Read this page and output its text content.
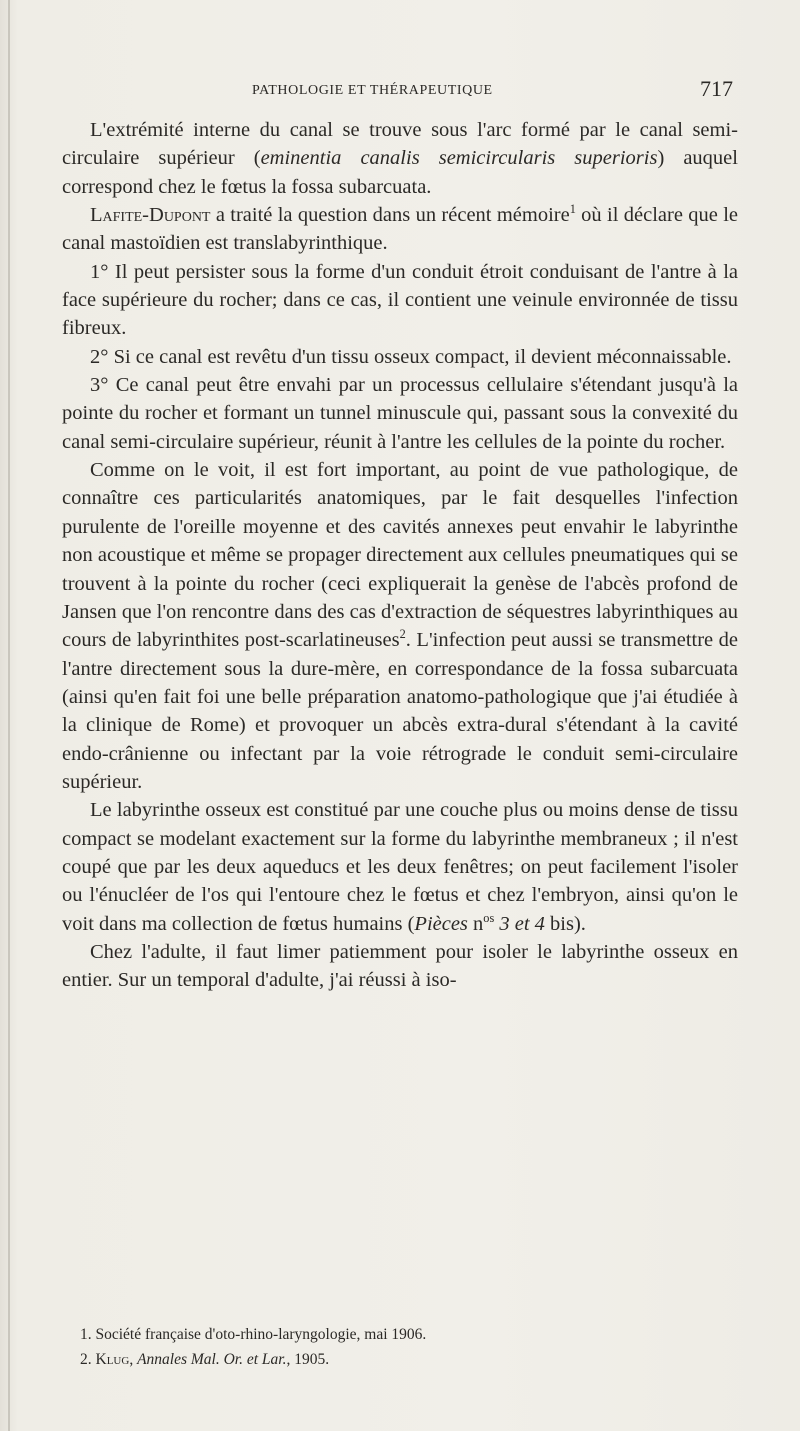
PATHOLOGIE ET THÉRAPEUTIQUE	717

L'extrémité interne du canal se trouve sous l'arc formé par le canal semi-circulaire supérieur (eminentia canalis semicircularis superioris) auquel correspond chez le fœtus la fossa subarcuata.

Lafite-Dupont a traité la question dans un récent mémoire$^1$ où il déclare que le canal mastoïdien est translabyrinthique.

1° Il peut persister sous la forme d'un conduit étroit conduisant de l'antre à la face supérieure du rocher; dans ce cas, il contient une veinule environnée de tissu fibreux.

2° Si ce canal est revêtu d'un tissu osseux compact, il devient méconnaissable.

3° Ce canal peut être envahi par un processus cellulaire s'étendant jusqu'à la pointe du rocher et formant un tunnel minuscule qui, passant sous la convexité du canal semi-circulaire supérieur, réunit à l'antre les cellules de la pointe du rocher.

Comme on le voit, il est fort important, au point de vue pathologique, de connaître ces particularités anatomiques, par le fait desquelles l'infection purulente de l'oreille moyenne et des cavités annexes peut envahir le labyrinthe non acoustique et même se propager directement aux cellules pneumatiques qui se trouvent à la pointe du rocher (ceci expliquerait la genèse de l'abcès profond de Jansen que l'on rencontre dans des cas d'extraction de séquestres labyrinthiques au cours de labyrinthites post-scarlatineuses$^2$. L'infection peut aussi se transmettre de l'antre directement sous la dure-mère, en correspondance de la fossa subarcuata (ainsi qu'en fait foi une belle préparation anatomo-pathologique que j'ai étudiée à la clinique de Rome) et provoquer un abcès extra-dural s'étendant à la cavité endo-crânienne ou infectant par la voie rétrograde le conduit semi-circulaire supérieur.

Le labyrinthe osseux est constitué par une couche plus ou moins dense de tissu compact se modelant exactement sur la forme du labyrinthe membraneux ; il n'est coupé que par les deux aqueducs et les deux fenêtres; on peut facilement l'isoler ou l'énucléer de l'os qui l'entoure chez le fœtus et chez l'embryon, ainsi qu'on le voit dans ma collection de fœtus humains (Pièces $n^{os}$ 3 et 4 bis).

Chez l'adulte, il faut limer patiemment pour isoler le labyrinthe osseux en entier. Sur un temporal d'adulte, j'ai réussi à iso-

1. Société française d'oto-rhino-laryngologie, mai 1906.
2. Klug, Annales Mal. Or. et Lar., 1905.
